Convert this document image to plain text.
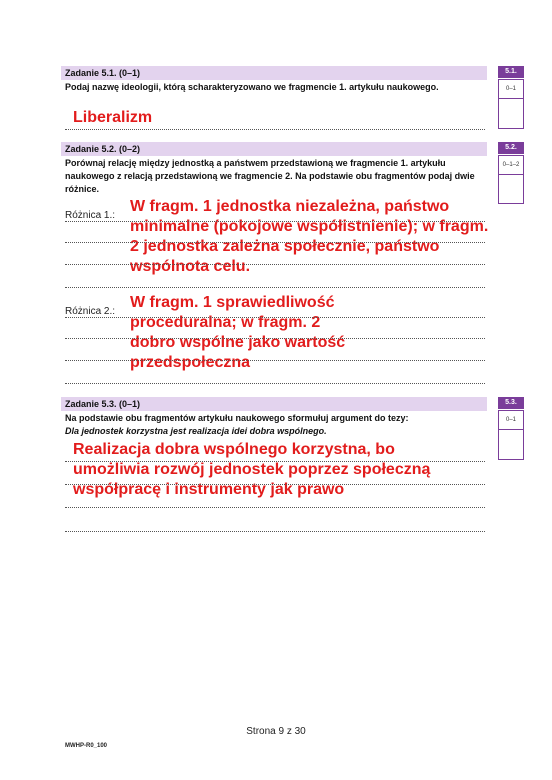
Zadanie 5.1. (0–1)
Podaj nazwę ideologii, którą scharakteryzowano we fragmencie 1. artykułu naukowego.
Liberalizm
5.1.
0–1
Zadanie 5.2. (0–2)
Porównaj relację między jednostką a państwem przedstawioną we fragmencie 1. artykułu naukowego z relacją przedstawioną we fragmencie 2. Na podstawie obu fragmentów podaj dwie różnice.
Różnica 1.:
W fragm. 1 jednostka niezależna, państwo minimalne (pokojowe współistnienie); w fragm. 2 jednostka zależna społecznie, państwo wspólnota celu.
Różnica 2.:
W fragm. 1 sprawiedliwość proceduralna; w fragm. 2 dobro wspólne jako wartość przedspołeczna
5.2.
0–1–2
Zadanie 5.3. (0–1)
Na podstawie obu fragmentów artykułu naukowego sformułuj argument do tezy:
Dla jednostek korzystna jest realizacja idei dobra wspólnego.
Realizacja dobra wspólnego korzystna, bo umożliwia rozwój jednostek poprzez społeczną współpracę i instrumenty jak prawo
5.3.
0–1
Strona 9 z 30
MWHP-R0_100
